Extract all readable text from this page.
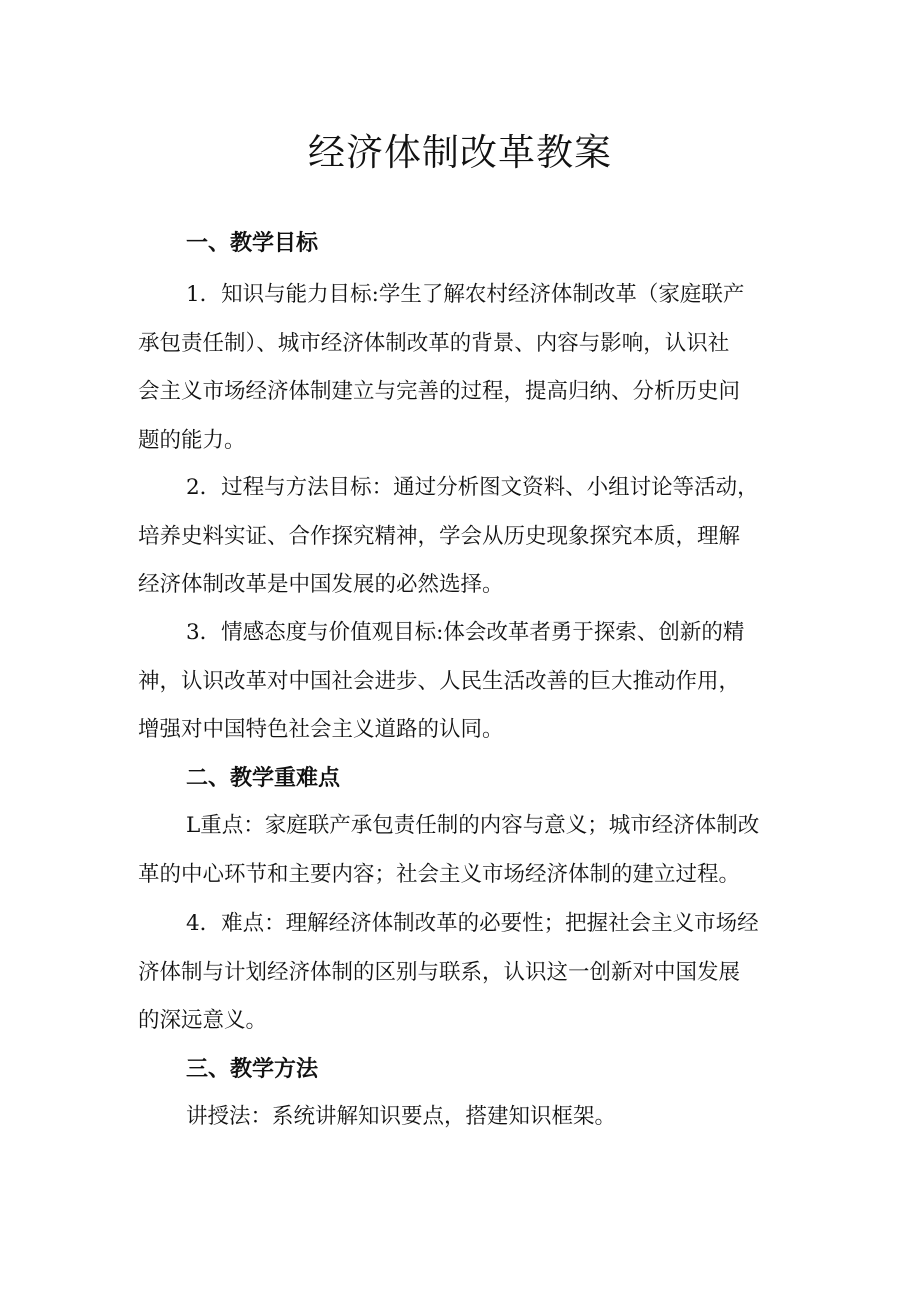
经济体制改革教案
一、教学目标

1．知识与能力目标:学生了解农村经济体制改革（家庭联产
承包责任制）、城市经济体制改革的背景、内容与影响，认识社
会主义市场经济体制建立与完善的过程，提高归纳、分析历史问
题的能力。

2．过程与方法目标：通过分析图文资料、小组讨论等活动，
培养史料实证、合作探究精神，学会从历史现象探究本质，理解
经济体制改革是中国发展的必然选择。

3．情感态度与价值观目标:体会改革者勇于探索、创新的精
神，认识改革对中国社会进步、人民生活改善的巨大推动作用，
增强对中国特色社会主义道路的认同。

二、教学重难点

L重点：家庭联产承包责任制的内容与意义；城市经济体制改
革的中心环节和主要内容；社会主义市场经济体制的建立过程。

4．难点：理解经济体制改革的必要性；把握社会主义市场经
济体制与计划经济体制的区别与联系，认识这一创新对中国发展
的深远意义。

三、教学方法

讲授法：系统讲解知识要点，搭建知识框架。
